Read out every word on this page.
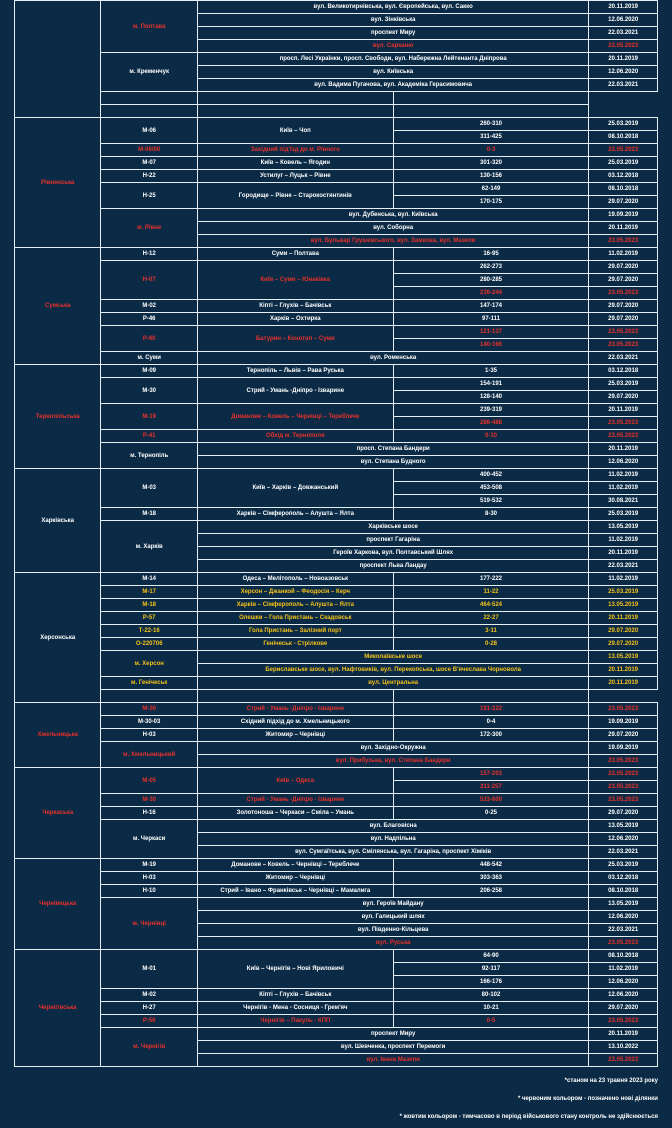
	м. Полтава	вул. Великотирнівська, вул. Європейська, вул. Сакко		20.11.2019
		вул. Зінківська		12.06.2020
		проспект Миру		22.03.2021
		вул. Сарканю		23.05.2023
	м. Кременчук	просп. Лесі Українки, просп. Свободи, вул. Набережна Лейтенанта Дніпрова		20.11.2019
		вул. Київська		12.06.2020
		вул. Вадима Пугачова, вул. Академіка Герасимовича		22.03.2021

Рівненська	М-06	Київ – Чоп	260-310	25.03.2019
			311-425	08.10.2018
	М-06/00	Західний під'їзд до м. Рівного	0-3	23.05.2023
	М-07	Київ – Ковель – Ягодин	301-320	25.03.2019
	Н-22	Устилуг – Луцьк – Рівне	130-156	03.12.2018
	Н-25	Городище – Рівне – Старокостянтинів	62-149	08.10.2018
			170-175	29.07.2020
	м. Рівне	вул. Дубенська, вул. Київська		19.09.2019
		вул. Соборна		20.11.2019
		вул. Бульвар Грушевського, вул. Замкова, вул. Мазепи		23.05.2023
Сумська	Н-12	Суми – Полтава	16-95	11.02.2019
	Н-07	Київ – Суми – Юнаківка	262-273	29.07.2020
			280-285	29.07.2020
			236-244	23.05.2023
	М-02	Кіпті – Глухів – Бачівськ	147-174	29.07.2020
	Р-46	Харків – Охтирка	97-111	29.07.2020
	Р-60	Батурин – Конотоп – Суми	121-137	23.05.2023
			140-166	23.05.2023
	м. Суми	вул. Роменська		22.03.2021
Тернопільська	М-09	Тернопіль – Львів – Рава Руська	1-35	03.12.2018
	М-30	Стрий - Умань -Дніпро - Ізварине	154-191	25.03.2019
			128-140	29.07.2020
	М-19	Доманове – Ковель – Чернівці – Тереблече	239-319	20.11.2019
			286-488	23.05.2023
	Р-41	Обхід м. Тернополя	0-10	23.05.2023
	м. Тернопіль	просп. Степана Бандери		20.11.2019
		вул. Степана Будного		12.06.2020
Харківська	М-03	Київ – Харків – Довжанський	400-452	11.02.2019
			453-508	11.02.2019
			519-532	30.08.2021
	М-18	Харків – Сімферополь – Алушта – Ялта	8-30	25.03.2019
	м. Харків	Харківське шосе		13.05.2019
		проспект Гагаріна		11.02.2019
		Героїв Харкова, вул. Полтавський Шлях		20.11.2019
		проспект Льва Ландау		22.03.2021
Херсонська	М-14	Одеса – Мелітополь – Новоазовськ	177-222	11.02.2019
	М-17	Херсон – Джанкой – Феодосія – Керч	11-22	25.03.2019
	М-18	Харків – Сімферополь – Алушта – Ялта	464-524	13.05.2019
	Р-57	Олешки – Гола Пристань – Скадовськ	22-27	20.11.2019
	Т-22-16	Гола Пристань – Залізний порт	3-11	29.07.2020
	О-220706	Генічеськ - Стрілкове	0-28	29.07.2020
	м. Херсон	Миколаївське шосе		13.05.2019
		Бериславське шосе, вул. Нафтовиків, вул. Перекопська, шосе В'ячеслава Чорновола		20.11.2019
	м. Генічеськ	вул. Центральна		20.11.2019

Хмельницька	М-30	Стрий - Умань -Дніпро - Ізварине	191-222	23.05.2023
	М-30-03	Східний підхід до м. Хмельницького	0-4	19.09.2019
	Н-03	Житомир – Чернівці	172-300	29.07.2020
	м. Хмельницький	вул. Західно-Окружна		19.09.2019
		вул. Прибузька, вул. Степана Бандери		23.05.2023
Черкаська	М-05	Київ – Одеса	157-203	23.05.2023
			211-257	23.05.2023
	М-30	Стрий - Умань -Дніпро - Ізварине	533-600	23.05.2023
	Н-16	Золотоноша – Черкаси – Сміла – Умань	0-25	29.07.2020
	м. Черкаси	вул. Благовісна		13.05.2019
		вул. Надпільна		12.06.2020
		вул. Сумгаїтська, вул. Смілянська, вул. Гагаріна, проспект Хіміків		22.03.2021
Чернівецька	М-19	Доманове – Ковель – Чернівці – Тереблече	448-542	25.03.2019
	Н-03	Житомир – Чернівці	303-363	03.12.2018
	Н-10	Стрий – Івано – Франківськ – Чернівці – Мамалига	206-258	08.10.2018
	м. Чернівці	вул. Героїв Майдану		13.05.2019
		вул. Галицький шлях		12.06.2020
		вул. Південно-Кільцева		22.03.2021
		вул. Руська		23.05.2023
Чернігівська	М-01	Київ – Чернігів – Нові Яриловичі	64-90	08.10.2018
			92-117	11.02.2019
			166-176	12.06.2020
	М-02	Кіпті – Глухів – Бачівськ	80-102	12.06.2020
	Н-27	Чернігів - Мена - Сосниця - Грем'яч	10-21	29.07.2020
	Р-56	Чернігів – Пакуль - КПП	0-5	23.05.2023
	м. Чернігів	проспект Миру		20.11.2019
		вул. Шевченка, проспект Перемоги		13.10.2022
		вул. Івана Мазепи		23.05.2023
*станом на 23 травня 2023 року
* червоним кольором - позначено нові ділянки
* жовтим кольором - тимчасово в період військового стану контроль не здійснюється
